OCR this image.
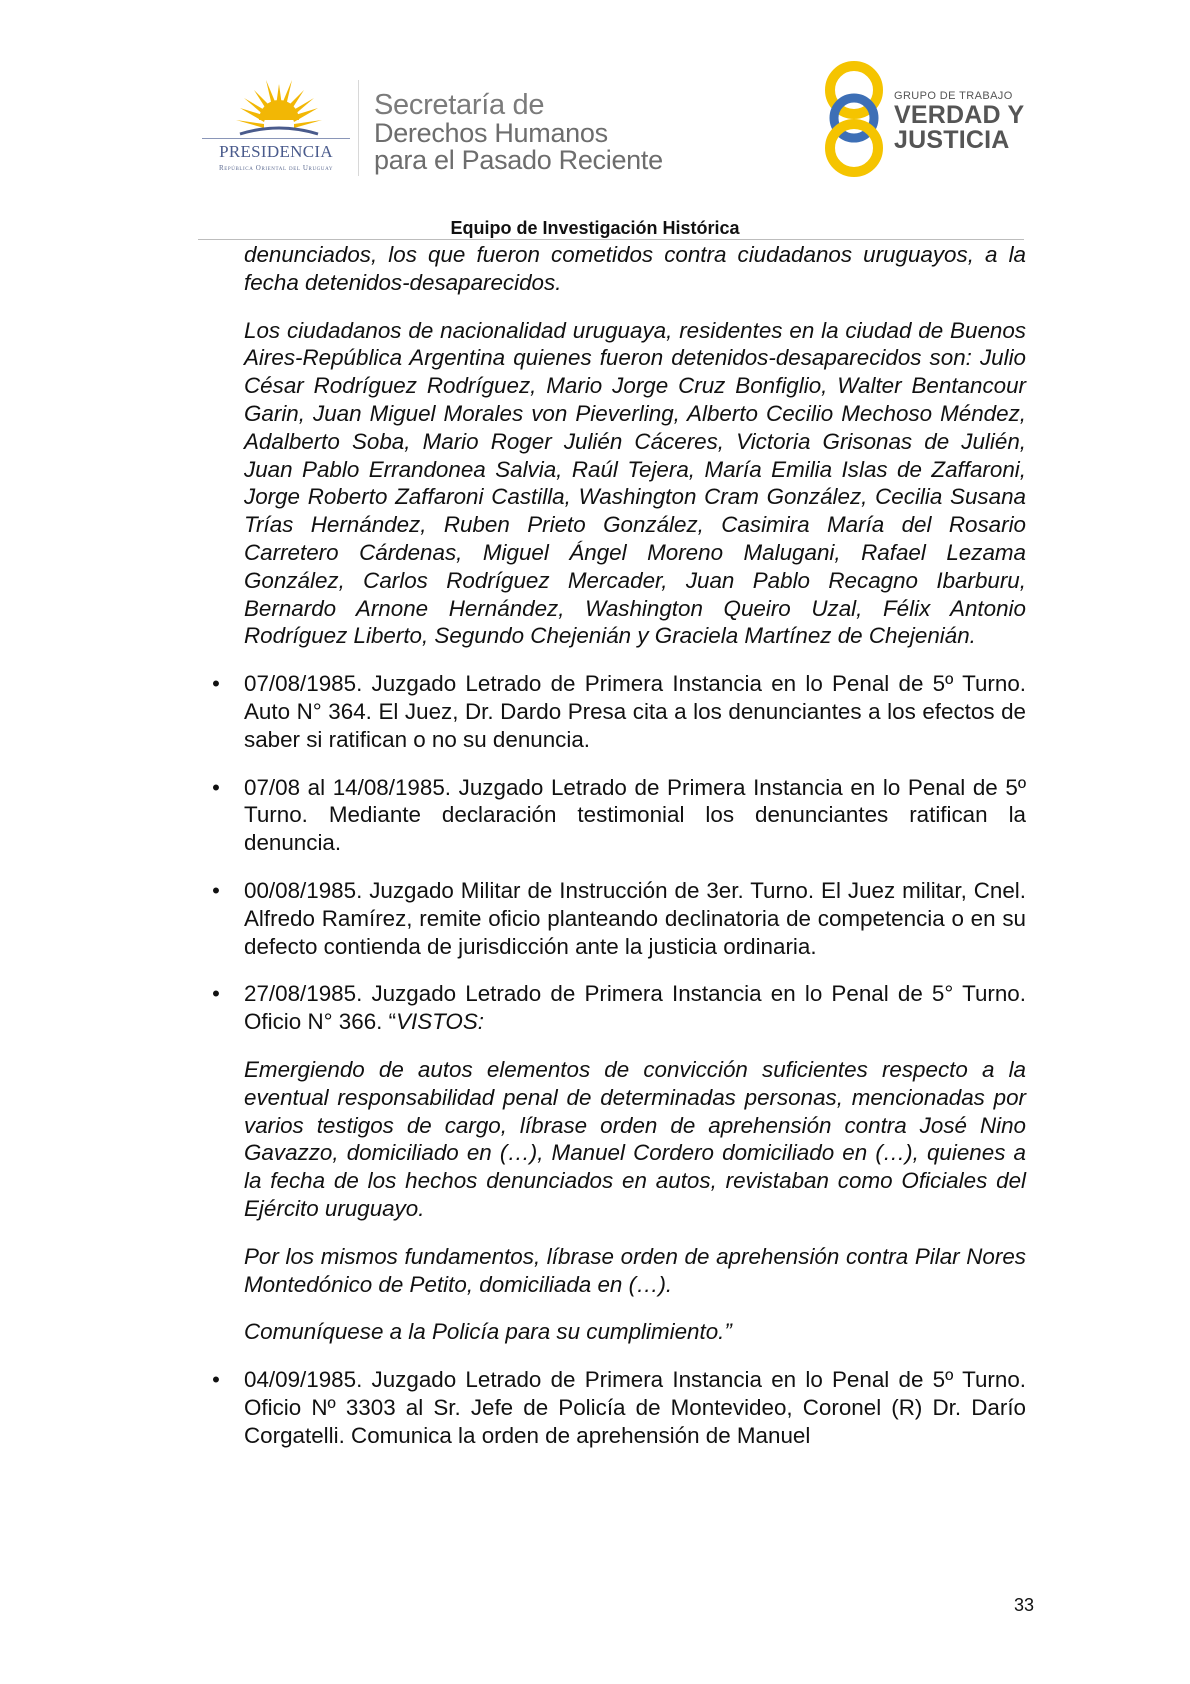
PRESIDENCIA
República Oriental del Uruguay
Secretaría de
Derechos Humanos
para el Pasado Reciente
GRUPO DE TRABAJO
VERDAD Y
JUSTICIA
Equipo de Investigación Histórica

denunciados, los que fueron cometidos contra ciudadanos uruguayos, a la fecha detenidos-desaparecidos.

Los ciudadanos de nacionalidad uruguaya, residentes en la ciudad de Buenos Aires-República Argentina quienes fueron detenidos-desaparecidos son: Julio César Rodríguez Rodríguez, Mario Jorge Cruz Bonfiglio, Walter Bentancour Garin, Juan Miguel Morales von Pieverling, Alberto Cecilio Mechoso Méndez, Adalberto Soba, Mario Roger Julién Cáceres, Victoria Grisonas de Julién, Juan Pablo Errandonea Salvia, Raúl Tejera, María Emilia Islas de Zaffaroni, Jorge Roberto Zaffaroni Castilla, Washington Cram González, Cecilia Susana Trías Hernández, Ruben Prieto González, Casimira María del Rosario Carretero Cárdenas, Miguel Ángel Moreno Malugani, Rafael Lezama González, Carlos Rodríguez Mercader, Juan Pablo Recagno Ibarburu, Bernardo Arnone Hernández, Washington Queiro Uzal, Félix Antonio Rodríguez Liberto, Segundo Chejenián y Graciela Martínez de Chejenián.

• 07/08/1985. Juzgado Letrado de Primera Instancia en lo Penal de 5º Turno. Auto N° 364. El Juez, Dr. Dardo Presa cita a los denunciantes a los efectos de saber si ratifican o no su denuncia.

• 07/08 al 14/08/1985. Juzgado Letrado de Primera Instancia en lo Penal de 5º Turno. Mediante declaración testimonial los denunciantes ratifican la denuncia.

• 00/08/1985. Juzgado Militar de Instrucción de 3er. Turno. El Juez militar, Cnel. Alfredo Ramírez, remite oficio planteando declinatoria de competencia o en su defecto contienda de jurisdicción ante la justicia ordinaria.

• 27/08/1985. Juzgado Letrado de Primera Instancia en lo Penal de 5° Turno. Oficio N° 366. “VISTOS:

Emergiendo de autos elementos de convicción suficientes respecto a la eventual responsabilidad penal de determinadas personas, mencionadas por varios testigos de cargo, líbrase orden de aprehensión contra José Nino Gavazzo, domiciliado en (…), Manuel Cordero domiciliado en (…), quienes a la fecha de los hechos denunciados en autos, revistaban como Oficiales del Ejército uruguayo.

Por los mismos fundamentos, líbrase orden de aprehensión contra Pilar Nores Montedónico de Petito, domiciliada en (…).

Comuníquese a la Policía para su cumplimiento.”

• 04/09/1985. Juzgado Letrado de Primera Instancia en lo Penal de 5º Turno. Oficio Nº 3303 al Sr. Jefe de Policía de Montevideo, Coronel (R) Dr. Darío Corgatelli. Comunica la orden de aprehensión de Manuel

33
